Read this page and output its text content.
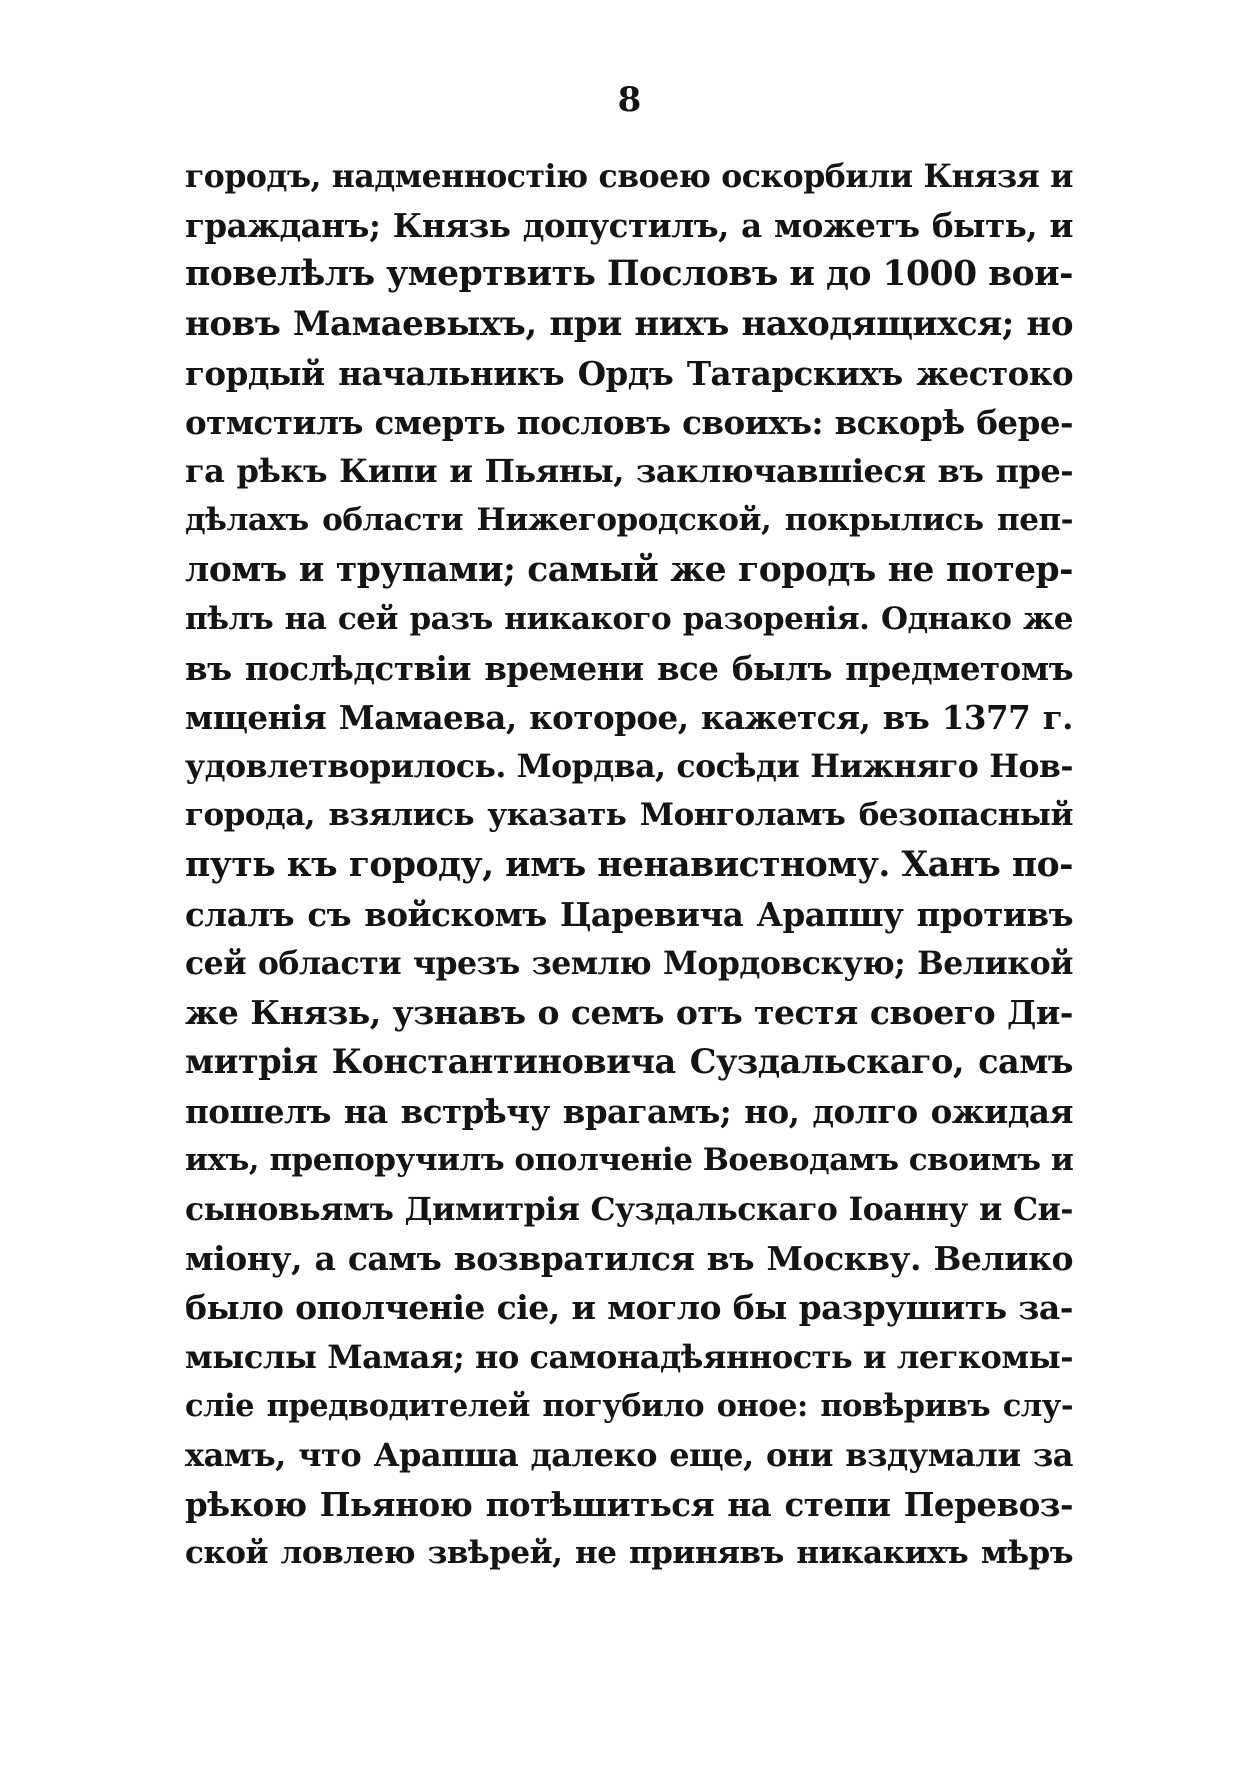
8
городъ, надменностію своею оскорбили Князя и
гражданъ; Князь допустилъ, а можетъ быть, и
повелѣлъ умертвить Пословъ и до 1000 вои-
новъ Мамаевыхъ, при нихъ находящихся; но
гордый начальникъ Ордъ Татарскихъ жестоко
отмстилъ смерть пословъ своихъ: вскорѣ бере-
га рѣкъ Кипи и Пьяны, заключавшіеся въ пре-
дѣлахъ области Нижегородской, покрылись пеп-
ломъ и трупами; самый же городъ не потер-
пѣлъ на сей разъ никакого разоренія. Однако же
въ послѣдствіи времени все былъ предметомъ
мщенія Мамаева, которое, кажется, въ 1377 г.
удовлетворилось. Мордва, сосѣди Нижняго Нов-
города, взялись указать Монголамъ безопасный
путь къ городу, имъ ненавистному. Ханъ по-
слалъ съ войскомъ Царевича Арапшу противъ
сей области чрезъ землю Мордовскую; Великой
же Князь, узнавъ о семъ отъ тестя своего Ди-
митрія Константиновича Суздальскаго, самъ
пошелъ на встрѣчу врагамъ; но, долго ожидая
ихъ, препоручилъ ополченіе Воеводамъ своимъ и
сыновьямъ Димитрія Суздальскаго Іоанну и Си-
міону, а самъ возвратился въ Москву. Велико
было ополченіе сіе, и могло бы разрушить за-
мыслы Мамая; но самонадѣянность и легкомы-
сліе предводителей погубило оное: повѣривъ слу-
хамъ, что Арапша далеко еще, они вздумали за
рѣкою Пьяною потѣшиться на степи Перевоз-
ской ловлею звѣрей, не принявъ никакихъ мѣръ
